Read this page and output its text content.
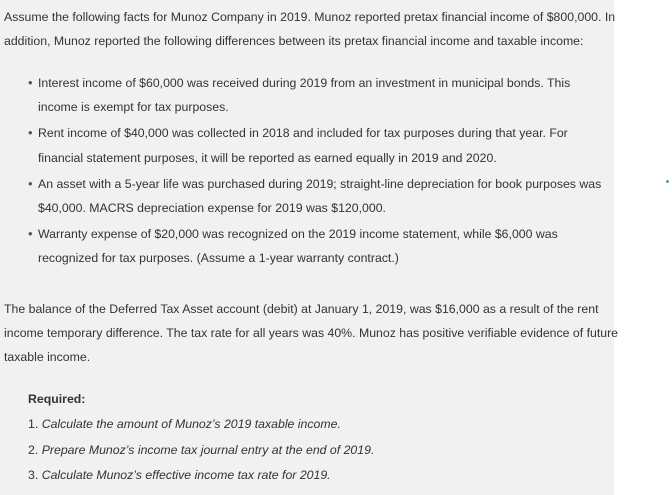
Assume the following facts for Munoz Company in 2019. Munoz reported pretax financial income of $800,000. In

addition, Munoz reported the following differences between its pretax financial income and taxable income:

• Interest income of $60,000 was received during 2019 from an investment in municipal bonds. This

income is exempt for tax purposes.

• Rent income of $40,000 was collected in 2018 and included for tax purposes during that year. For

financial statement purposes, it will be reported as earned equally in 2019 and 2020.

• An asset with a 5-year life was purchased during 2019; straight-line depreciation for book purposes was

$40,000. MACRS depreciation expense for 2019 was $120,000.

• Warranty expense of $20,000 was recognized on the 2019 income statement, while $6,000 was

recognized for tax purposes. (Assume a 1-year warranty contract.)

The balance of the Deferred Tax Asset account (debit) at January 1, 2019, was $16,000 as a result of the rent

income temporary difference. The tax rate for all years was 40%. Munoz has positive verifiable evidence of future

taxable income.

Required:

1. Calculate the amount of Munoz’s 2019 taxable income.

2. Prepare Munoz’s income tax journal entry at the end of 2019.

3. Calculate Munoz’s effective income tax rate for 2019.
